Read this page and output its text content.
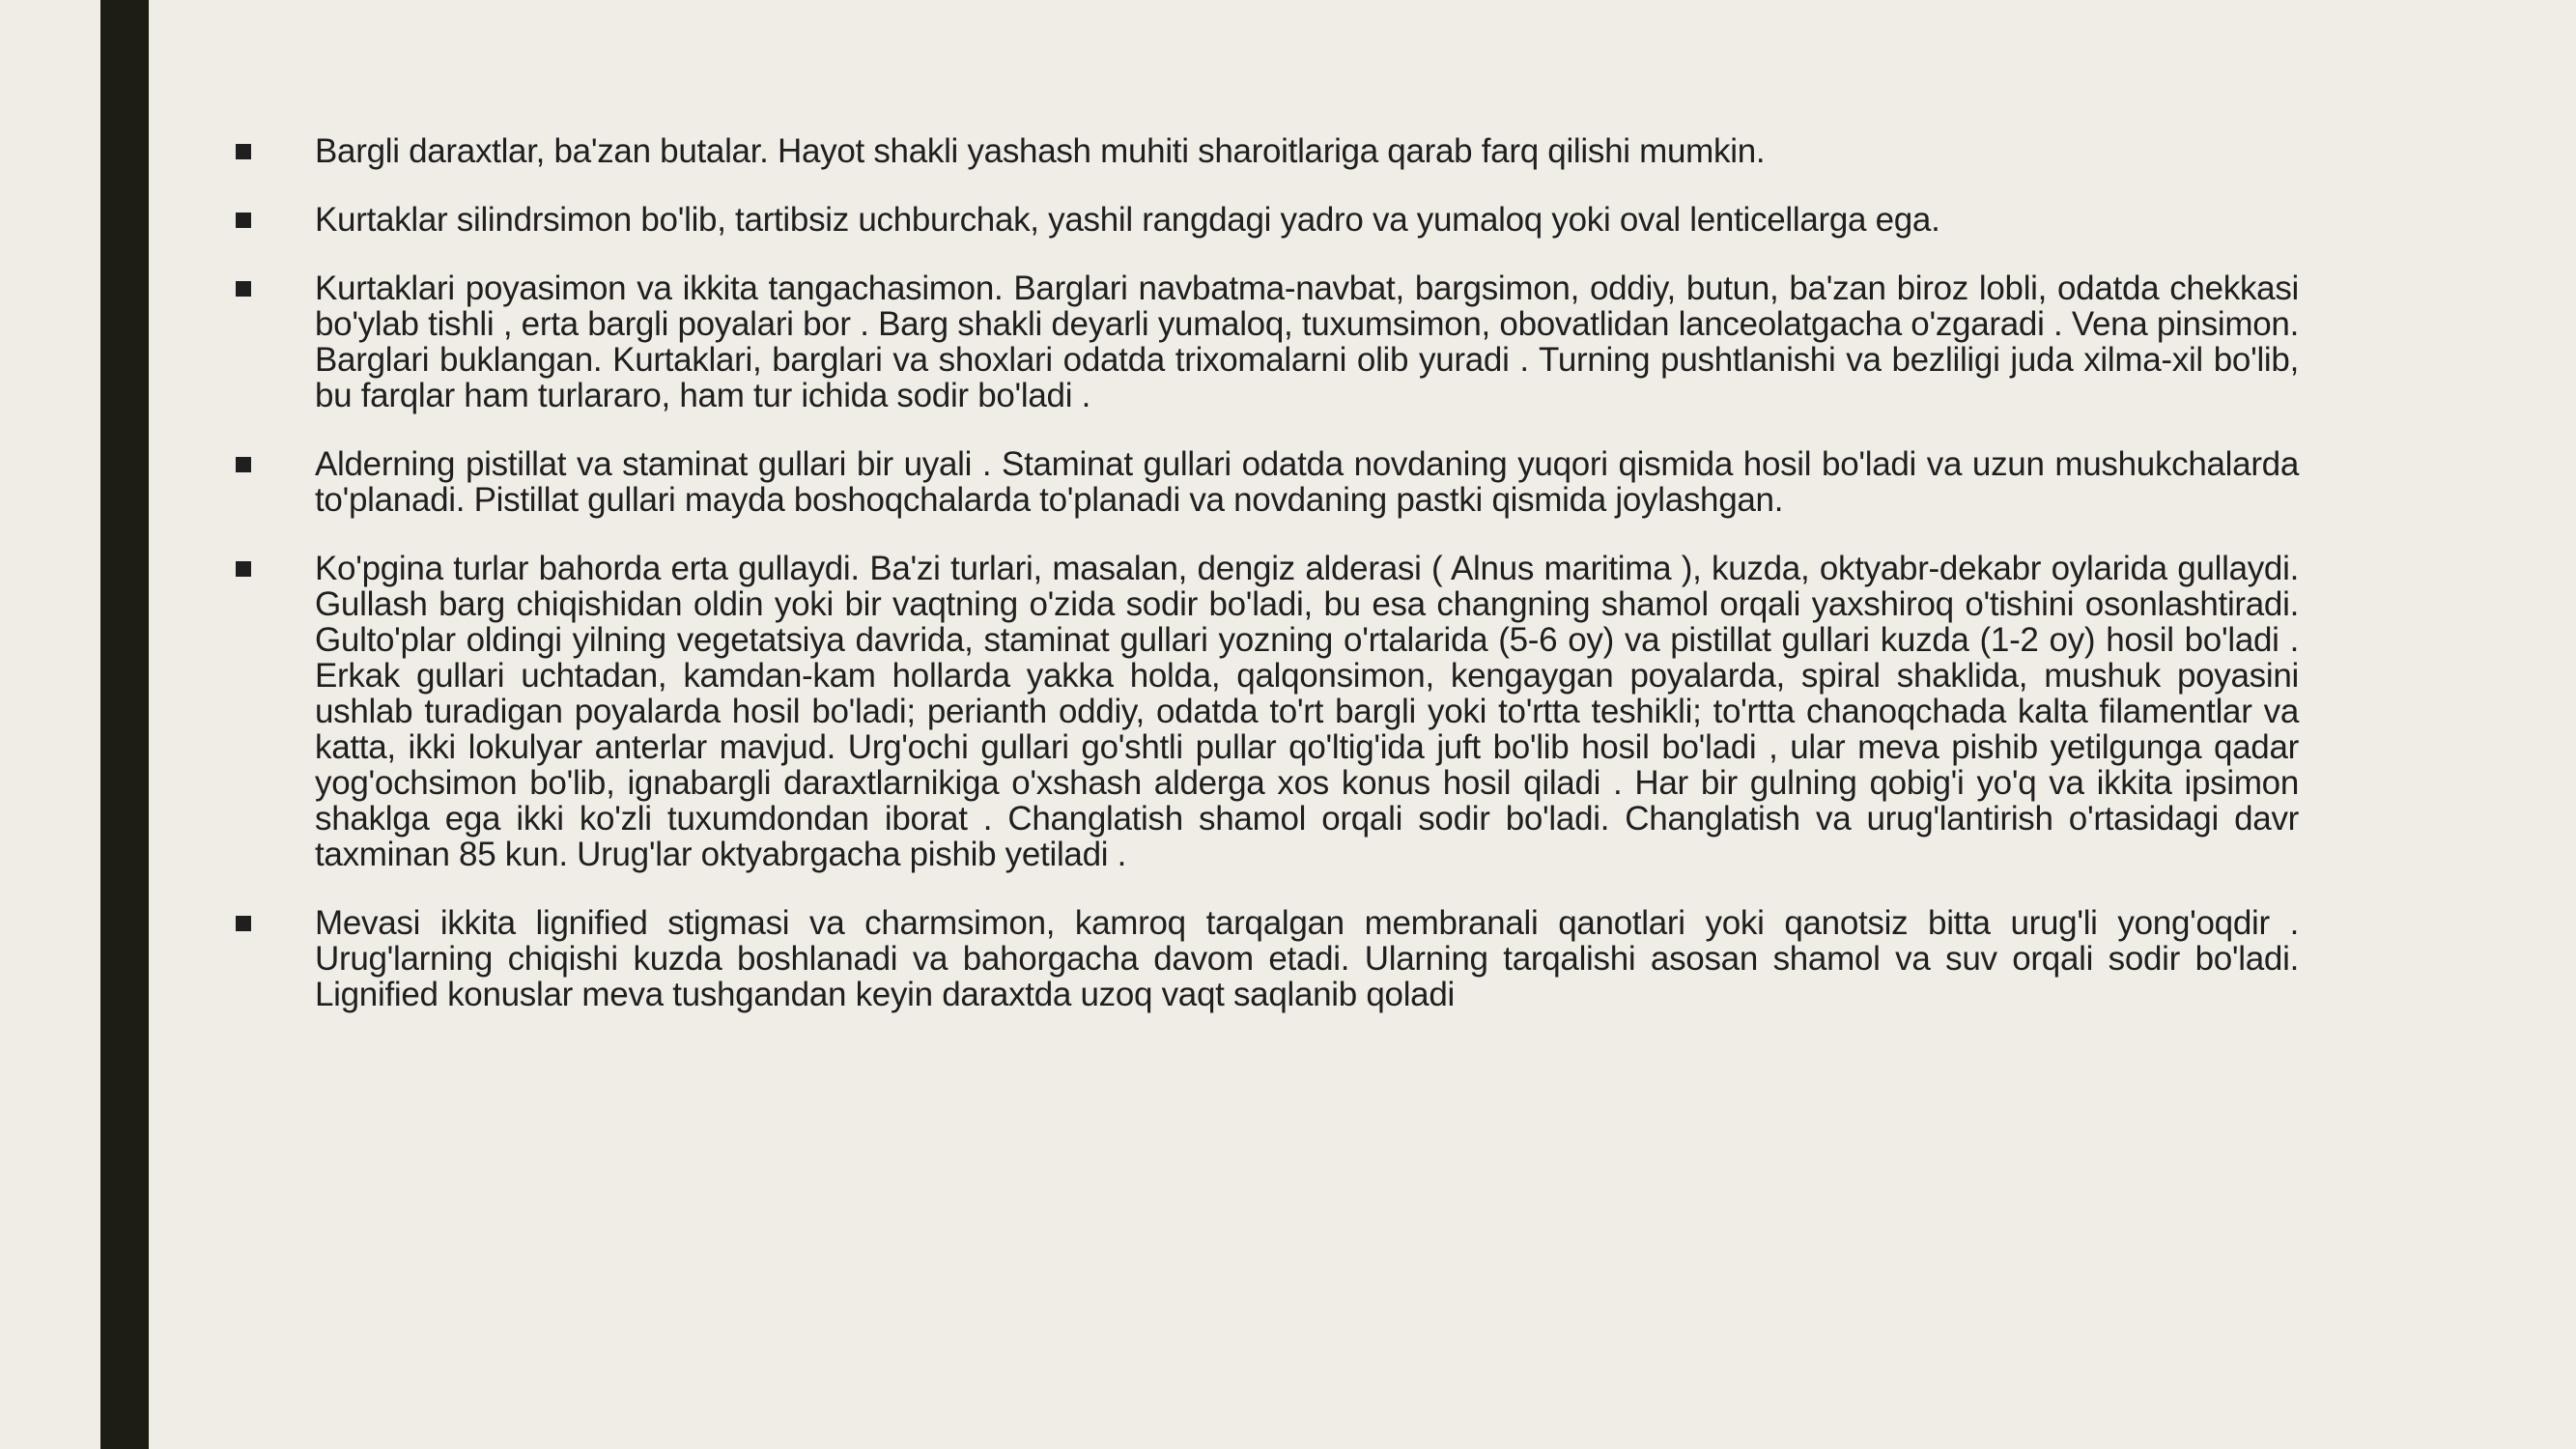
Bargli daraxtlar, ba'zan butalar. Hayot shakli yashash muhiti sharoitlariga qarab farq qilishi mumkin.
Kurtaklar silindrsimon bo'lib, tartibsiz uchburchak, yashil rangdagi yadro va yumaloq yoki oval lenticellarga ega.
Kurtaklari poyasimon va ikkita tangachasimon. Barglari navbatma-navbat, bargsimon, oddiy, butun, ba'zan biroz lobli, odatda chekkasi bo'ylab tishli , erta bargli poyalari bor . Barg shakli deyarli yumaloq, tuxumsimon, obovatlidan lanceolatgacha o'zgaradi . Vena pinsimon. Barglari buklangan. Kurtaklari, barglari va shoxlari odatda trixomalarni olib yuradi . Turning pushtlanishi va bezliligi juda xilma-xil bo'lib, bu farqlar ham turlararo, ham tur ichida sodir bo'ladi .
Alderning pistillat va staminat gullari bir uyali . Staminat gullari odatda novdaning yuqori qismida hosil bo'ladi va uzun mushukchalarda to'planadi. Pistillat gullari mayda boshoqchalarda to'planadi va novdaning pastki qismida joylashgan.
Ko'pgina turlar bahorda erta gullaydi. Ba'zi turlari, masalan, dengiz alderasi ( Alnus maritima ), kuzda, oktyabr-dekabr oylarida gullaydi. Gullash barg chiqishidan oldin yoki bir vaqtning o'zida sodir bo'ladi, bu esa changning shamol orqali yaxshiroq o'tishini osonlashtiradi. Gulto'plar oldingi yilning vegetatsiya davrida, staminat gullari yozning o'rtalarida (5-6 oy) va pistillat gullari kuzda (1-2 oy) hosil bo'ladi . Erkak gullari uchtadan, kamdan-kam hollarda yakka holda, qalqonsimon, kengaygan poyalarda, spiral shaklida, mushuk poyasini ushlab turadigan poyalarda hosil bo'ladi; perianth oddiy, odatda to'rt bargli yoki to'rtta teshikli; to'rtta chanoqchada kalta filamentlar va katta, ikki lokulyar anterlar mavjud. Urg'ochi gullari go'shtli pullar qo'ltig'ida juft bo'lib hosil bo'ladi , ular meva pishib yetilgunga qadar yog'ochsimon bo'lib, ignabargli daraxtlarnikiga o'xshash alderga xos konus hosil qiladi . Har bir gulning qobig'i yo'q va ikkita ipsimon shaklga ega ikki ko'zli tuxumdondan iborat . Changlatish shamol orqali sodir bo'ladi. Changlatish va urug'lantirish o'rtasidagi davr taxminan 85 kun. Urug'lar oktyabrgacha pishib yetiladi .
Mevasi ikkita lignified stigmasi va charmsimon, kamroq tarqalgan membranali qanotlari yoki qanotsiz bitta urug'li yong'oqdir . Urug'larning chiqishi kuzda boshlanadi va bahorgacha davom etadi. Ularning tarqalishi asosan shamol va suv orqali sodir bo'ladi. Lignified konuslar meva tushgandan keyin daraxtda uzoq vaqt saqlanib qoladi
